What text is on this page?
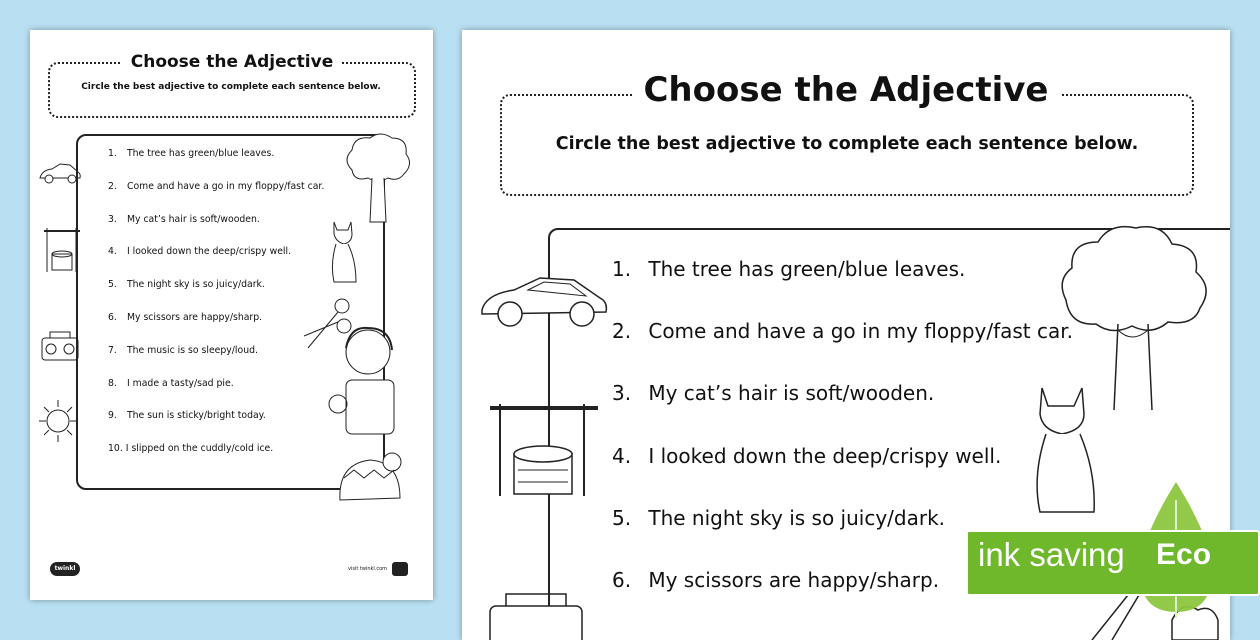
Circle the best adjective to complete each sentence below.
Choose the Adjective
1. The tree has green/blue leaves.
2. Come and have a go in my floppy/fast car.
3. My cat’s hair is soft/wooden.
4. I looked down the deep/crispy well.
5. The night sky is so juicy/dark.
6. My scissors are happy/sharp.
7. The music is so sleepy/loud.
8. I made a tasty/sad pie.
9. The sun is sticky/bright today.
10. I slipped on the cuddly/cold ice.
twinkl	visit twinkl.com
Choose the Adjective
Circle the best adjective to complete each sentence below.
1. The tree has green/blue leaves.
2. Come and have a go in my floppy/fast car.
3. My cat’s hair is soft/wooden.
4. I looked down the deep/crispy well.
5. The night sky is so juicy/dark.
6. My scissors are happy/sharp.
ink saving Eco
